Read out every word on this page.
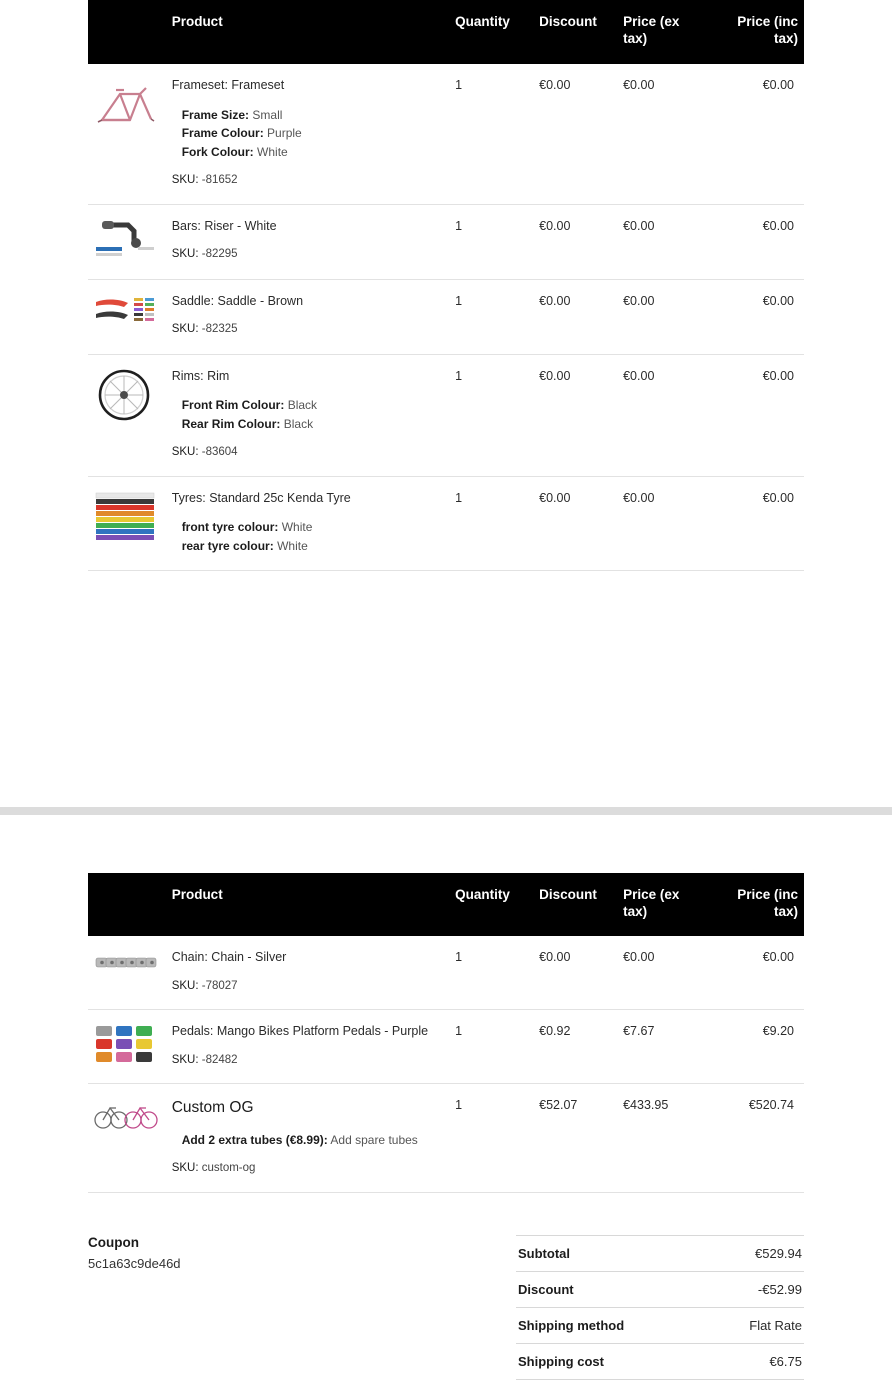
	Product	Quantity	Discount	Price (ex tax)	Price (inc tax)

Frameset: Frameset
Frame Size: Small
Frame Colour: Purple
Fork Colour: White
SKU: -81652	1	€0.00	€0.00	€0.00

Bars: Riser - White
SKU: -82295	1	€0.00	€0.00	€0.00

Saddle: Saddle - Brown
SKU: -82325	1	€0.00	€0.00	€0.00

Rims: Rim
Front Rim Colour: Black
Rear Rim Colour: Black
SKU: -83604	1	€0.00	€0.00	€0.00

Tyres: Standard 25c Kenda Tyre
front tyre colour: White
rear tyre colour: White	1	€0.00	€0.00	€0.00
	Product	Quantity	Discount	Price (ex tax)	Price (inc tax)

Chain: Chain - Silver
SKU: -78027	1	€0.00	€0.00	€0.00

Pedals: Mango Bikes Platform Pedals - Purple
SKU: -82482	1	€0.92	€7.67	€9.20

Custom OG
Add 2 extra tubes (€8.99): Add spare tubes
SKU: custom-og	1	€52.07	€433.95	€520.74
Coupon
5c1a63c9de46d
Subtotal	€529.94
Discount	-€52.99
Shipping method	Flat Rate
Shipping cost	€6.75
